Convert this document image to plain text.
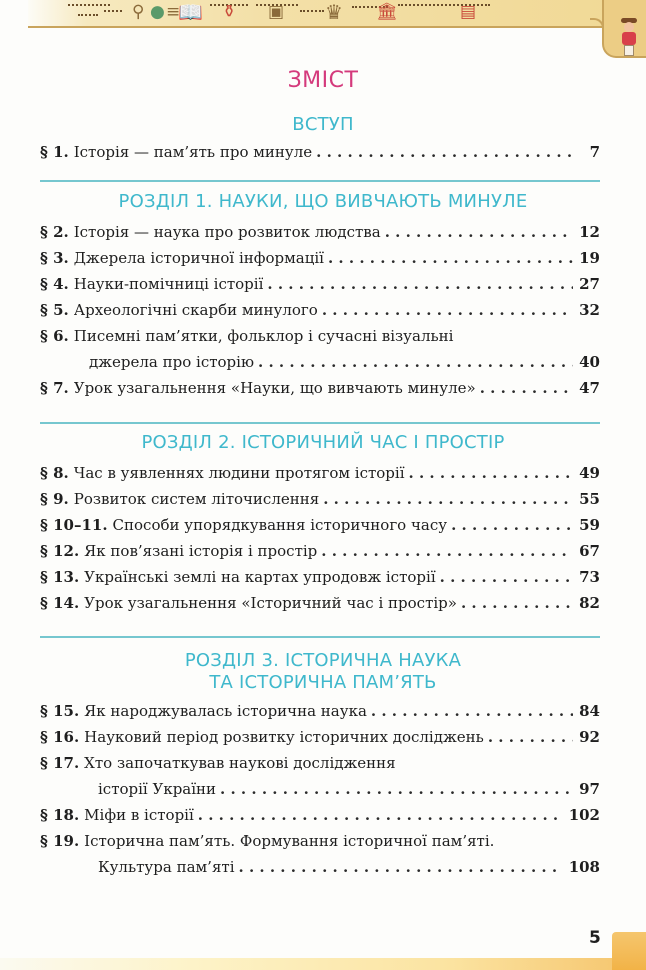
⚲ ● ≡
📖 ⚱ ▣ ♛ 🏛	▤
ЗМІСТ
ВСТУП
§ 1. Історія — пам’ять про минуле . . .	7
РОЗДІЛ 1. НАУКИ, ЩО ВИВЧАЮТЬ МИНУЛЕ
§ 2. Історія — наука про розвиток людства . . .	12
§ 3. Джерела історичної інформації . . .	19
§ 4. Науки-помічниці історії . . .	27
§ 5. Археологічні скарби минулого . . .	32
§ 6. Писемні пам’ятки, фольклор і сучасні візуальні
джерела про історію . . .	40
§ 7. Урок узагальнення «Науки, що вивчають минуле» . . .	47
РОЗДІЛ 2. ІСТОРИЧНИЙ ЧАС І ПРОСТІР
§ 8. Час в уявленнях людини протягом історії . . .	49
§ 9. Розвиток систем літочислення . . .	55
§ 10–11. Способи упорядкування історичного часу . . .	59
§ 12. Як пов’язані історія і простір . . .	67
§ 13. Українські землі на картах упродовж історії . . .	73
§ 14. Урок узагальнення «Історичний час і простір» . . .	82
РОЗДІЛ 3. ІСТОРИЧНА НАУКА
ТА ІСТОРИЧНА ПАМ’ЯТЬ
§ 15. Як народжувалась історична наука . . .	84
§ 16. Науковий період розвитку історичних досліджень . . .	92
§ 17. Хто започаткував наукові дослідження
історії України . . .	97
§ 18. Міфи в історії . . .	102
§ 19. Історична пам’ять. Формування історичної пам’яті.
Культура пам’яті . . .	108
5
